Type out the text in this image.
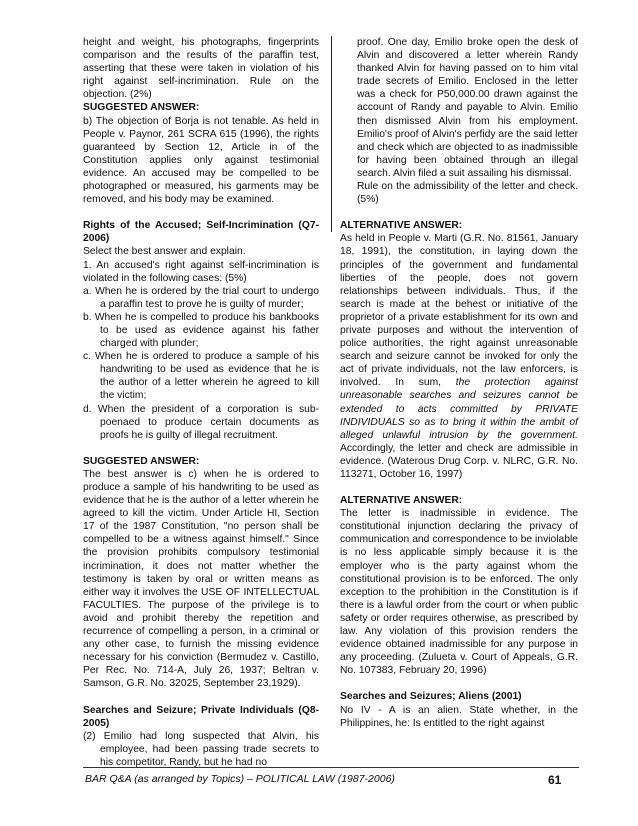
height and weight, his photographs, fingerprints comparison and the results of the paraffin test, asserting that these were taken in violation of his right against self-incrimination. Rule on the objection. (2%)

SUGGESTED ANSWER:

b) The objection of Borja is not tenable. As held in People v. Paynor, 261 SCRA 615 (1996), the rights guaranteed by Section 12, Article in of the Constitution applies only against testimonial evidence. An accused may be compelled to be photographed or measured, his garments may be removed, and his body may be examined.

Rights of the Accused; Self-Incrimination (Q7-2006)

Select the best answer and explain.

1. An accused's right against self-incrimination is violated in the following cases: (5%)

a. When he is ordered by the trial court to undergo a paraffin test to prove he is guilty of murder;

b. When he is compelled to produce his bankbooks to be used as evidence against his father charged with plunder;

c. When he is ordered to produce a sample of his handwriting to be used as evidence that he is the author of a letter wherein he agreed to kill the victim;

d. When the president of a corporation is sub-poenaed to produce certain documents as proofs he is guilty of illegal recruitment.

SUGGESTED ANSWER:

The best answer is c) when he is ordered to produce a sample of his handwriting to be used as evidence that he is the author of a letter wherein he agreed to kill the victim. Under Article HI, Section 17 of the 1987 Constitution, "no person shall be compelled to be a witness against himself." Since the provision prohibits compulsory testimonial incrimination, it does not matter whether the testimony is taken by oral or written means as either way it involves the USE OF INTELLECTUAL FACULTIES. The purpose of the privilege is to avoid and prohibit thereby the repetition and recurrence of compelling a person, in a criminal or any other case, to furnish the missing evidence necessary for his conviction (Bermudez v. Castillo, Per Rec. No. 714-A, July 26, 1937; Beltran v. Samson, G.R. No. 32025, September 23,1929).

Searches and Seizure; Private Individuals (Q8-2005)

(2) Emilio had long suspected that Alvin, his employee, had been passing trade secrets to his competitor, Randy, but he had no

proof. One day, Emilio broke open the desk of Alvin and discovered a letter wherein Randy thanked Alvin for having passed on to him vital trade secrets of Emilio. Enclosed in the letter was a check for P50,000.00 drawn against the account of Randy and payable to Alvin. Emilio then dismissed Alvin from his employment. Emilio's proof of Alvin's perfidy are the said letter and check which are objected to as inadmissible for having been obtained through an illegal search. Alvin filed a suit assailing his dismissal.

Rule on the admissibility of the letter and check. (5%)

ALTERNATIVE ANSWER:

As held in People v. Marti (G.R. No. 81561, January 18, 1991), the constitution, in laying down the principles of the government and fundamental liberties of the people, does not govern relationships between individuals. Thus, if the search is made at the behest or initiative of the proprietor of a private establishment for its own and private purposes and without the intervention of police authorities, the right against unreasonable search and seizure cannot be invoked for only the act of private individuals, not the law enforcers, is involved. In sum, the protection against unreasonable searches and seizures cannot be extended to acts committed by PRIVATE INDIVIDUALS so as to bring it within the ambit of alleged unlawful intrusion by the government. Accordingly, the letter and check are admissible in evidence. (Waterous Drug Corp. v. NLRC, G.R. No. 113271, October 16, 1997)

ALTERNATIVE ANSWER:

The letter is inadmissible in evidence. The constitutional injunction declaring the privacy of communication and correspondence to be inviolable is no less applicable simply because it is the employer who is the party against whom the constitutional provision is to be enforced. The only exception to the prohibition in the Constitution is if there is a lawful order from the court or when public safety or order requires otherwise, as prescribed by law. Any violation of this provision renders the evidence obtained inadmissible for any purpose in any proceeding. (Zulueta v. Court of Appeals, G.R. No. 107383, February 20, 1996)

Searches and Seizures; Aliens (2001)

No IV - A is an alien. State whether, in the Philippines, he: Is entitled to the right against

BAR Q&A (as arranged by Topics) – POLITICAL LAW (1987-2006)	61
